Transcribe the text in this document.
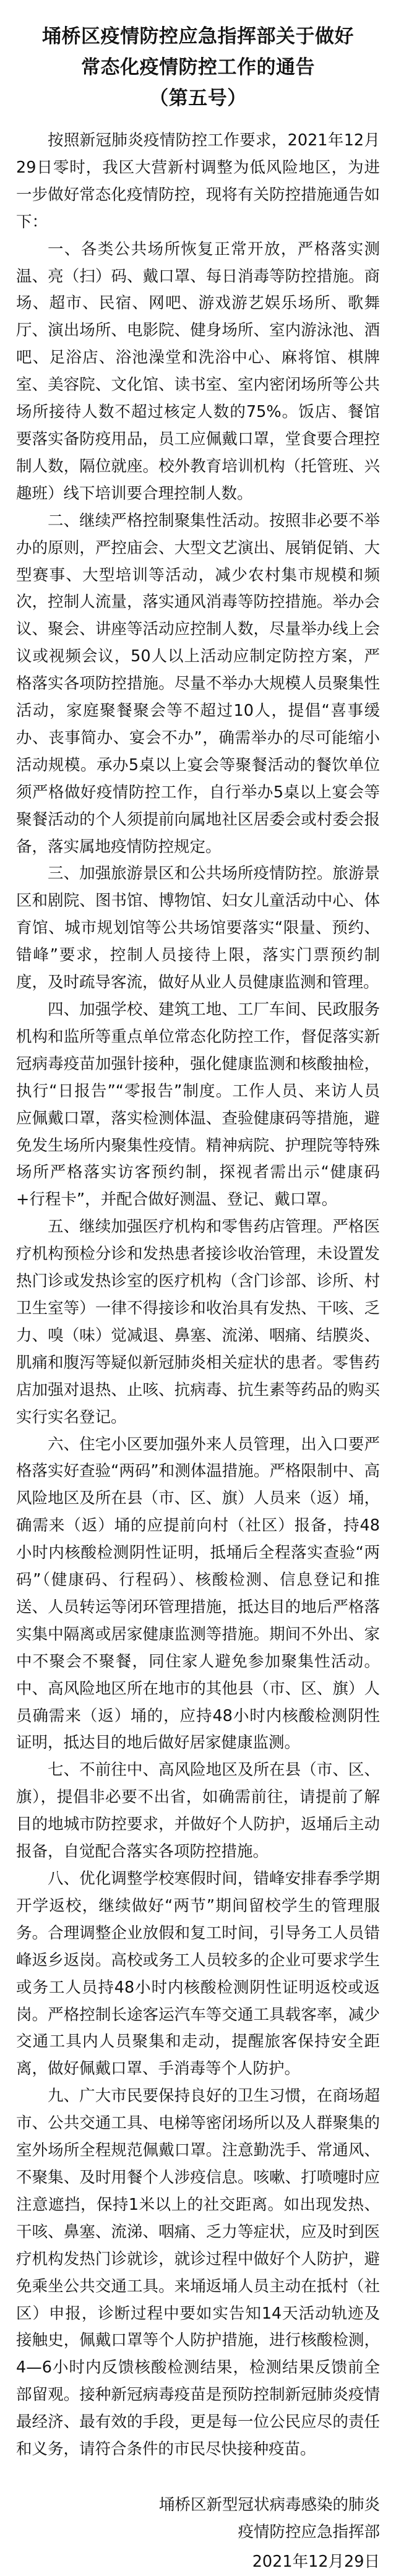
埇桥区疫情防控应急指挥部关于做好
常态化疫情防控工作的通告
（第五号）

按照新冠肺炎疫情防控工作要求，2021年12月29日零时，我区大营新村调整为低风险地区，为进一步做好常态化疫情防控，现将有关防控措施通告如下：

一、各类公共场所恢复正常开放，严格落实测温、亮（扫）码、戴口罩、每日消毒等防控措施。商场、超市、民宿、网吧、游戏游艺娱乐场所、歌舞厅、演出场所、电影院、健身场所、室内游泳池、酒吧、足浴店、浴池澡堂和洗浴中心、麻将馆、棋牌室、美容院、文化馆、读书室、室内密闭场所等公共场所接待人数不超过核定人数的75%。饭店、餐馆要落实备防疫用品，员工应佩戴口罩，堂食要合理控制人数，隔位就座。校外教育培训机构（托管班、兴趣班）线下培训要合理控制人数。

二、继续严格控制聚集性活动。按照非必要不举办的原则，严控庙会、大型文艺演出、展销促销、大型赛事、大型培训等活动，减少农村集市规模和频次，控制人流量，落实通风消毒等防控措施。举办会议、聚会、讲座等活动应控制人数，尽量举办线上会议或视频会议，50人以上活动应制定防控方案，严格落实各项防控措施。尽量不举办大规模人员聚集性活动，家庭聚餐聚会等不超过10人，提倡“喜事缓办、丧事简办、宴会不办”，确需举办的尽可能缩小活动规模。承办5桌以上宴会等聚餐活动的餐饮单位须严格做好疫情防控工作，自行举办5桌以上宴会等聚餐活动的个人须提前向属地社区居委会或村委会报备，落实属地疫情防控规定。

三、加强旅游景区和公共场所疫情防控。旅游景区和剧院、图书馆、博物馆、妇女儿童活动中心、体育馆、城市规划馆等公共场馆要落实“限量、预约、错峰”要求，控制人员接待上限，落实门票预约制度，及时疏导客流，做好从业人员健康监测和管理。

四、加强学校、建筑工地、工厂车间、民政服务机构和监所等重点单位常态化防控工作，督促落实新冠病毒疫苗加强针接种，强化健康监测和核酸抽检，执行“日报告”“零报告”制度。工作人员、来访人员应佩戴口罩，落实检测体温、查验健康码等措施，避免发生场所内聚集性疫情。精神病院、护理院等特殊场所严格落实访客预约制，探视者需出示“健康码+行程卡”，并配合做好测温、登记、戴口罩。

五、继续加强医疗机构和零售药店管理。严格医疗机构预检分诊和发热患者接诊收治管理，未设置发热门诊或发热诊室的医疗机构（含门诊部、诊所、村卫生室等）一律不得接诊和收治具有发热、干咳、乏力、嗅（味）觉减退、鼻塞、流涕、咽痛、结膜炎、肌痛和腹泻等疑似新冠肺炎相关症状的患者。零售药店加强对退热、止咳、抗病毒、抗生素等药品的购买实行实名登记。

六、住宅小区要加强外来人员管理，出入口要严格落实好查验“两码”和测体温措施。严格限制中、高风险地区及所在县（市、区、旗）人员来（返）埇，确需来（返）埇的应提前向村（社区）报备，持48小时内核酸检测阴性证明，抵埇后全程落实查验“两码”（健康码、行程码）、核酸检测、信息登记和推送、人员转运等闭环管理措施，抵达目的地后严格落实集中隔离或居家健康监测等措施。期间不外出、家中不聚会不聚餐，同住家人避免参加聚集性活动。中、高风险地区所在地市的其他县（市、区、旗）人员确需来（返）埇的，应持48小时内核酸检测阴性证明，抵达目的地后做好居家健康监测。

七、不前往中、高风险地区及所在县（市、区、旗），提倡非必要不出省，如确需前往，请提前了解目的地城市防控要求，并做好个人防护，返埇后主动报备，自觉配合落实各项防控措施。

八、优化调整学校寒假时间，错峰安排春季学期开学返校，继续做好“两节”期间留校学生的管理服务。合理调整企业放假和复工时间，引导务工人员错峰返乡返岗。高校或务工人员较多的企业可要求学生或务工人员持48小时内核酸检测阴性证明返校或返岗。严格控制长途客运汽车等交通工具载客率，减少交通工具内人员聚集和走动，提醒旅客保持安全距离，做好佩戴口罩、手消毒等个人防护。

九、广大市民要保持良好的卫生习惯，在商场超市、公共交通工具、电梯等密闭场所以及人群聚集的室外场所全程规范佩戴口罩。注意勤洗手、常通风、不聚集、及时用餐个人涉疫信息。咳嗽、打喷嚏时应注意遮挡，保持1米以上的社交距离。如出现发热、干咳、鼻塞、流涕、咽痛、乏力等症状，应及时到医疗机构发热门诊就诊，就诊过程中做好个人防护，避免乘坐公共交通工具。来埇返埇人员主动在抵村（社区）申报，诊断过程中要如实告知14天活动轨迹及接触史，佩戴口罩等个人防护措施，进行核酸检测，4—6小时内反馈核酸检测结果，检测结果反馈前全部留观。接种新冠病毒疫苗是预防控制新冠肺炎疫情最经济、最有效的手段，更是每一位公民应尽的责任和义务，请符合条件的市民尽快接种疫苗。

埇桥区新型冠状病毒感染的肺炎
疫情防控应急指挥部
2021年12月29日
